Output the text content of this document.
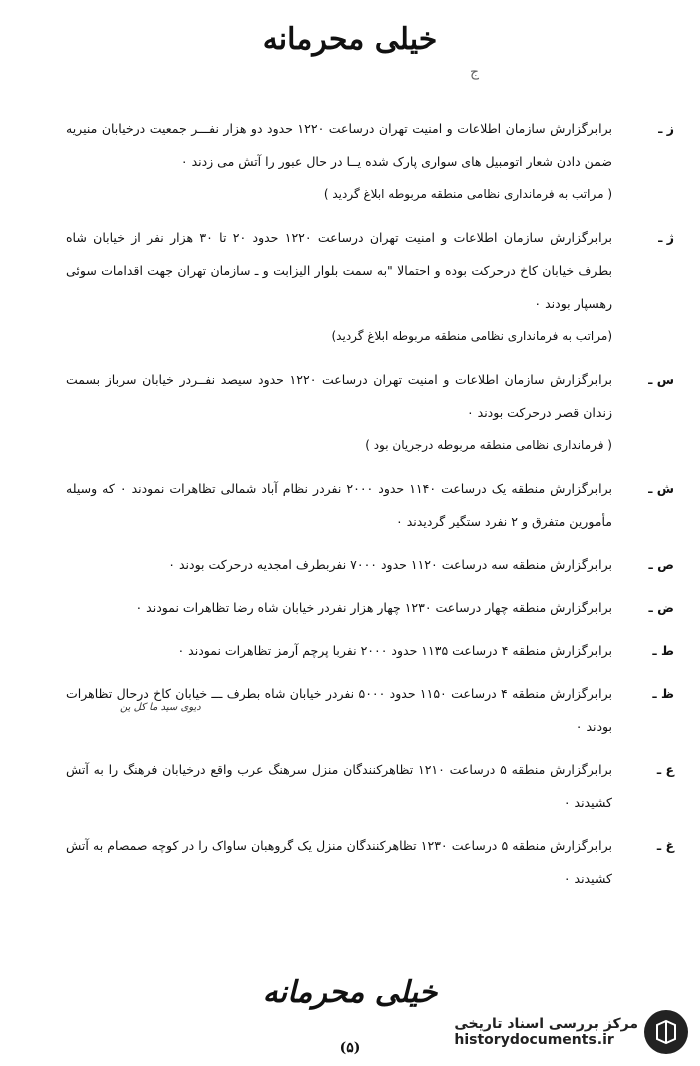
خیلی محرمانه
ج
ز ـ
برابرگزارش سازمان اطلاعات و امنیت تهران درساعت ۱۲۲۰ حدود دو هزار نفـــر جمعیت درخیابان منیریه ضمن دادن شعار اتومبیل های سواری پارک شده یــا در حال عبور را آتش می زدند ۰
( مراتب به فرمانداری نظامی منطقه مربوطه ابلاغ گردید )
ژ ـ
برابرگزارش سازمان اطلاعات و امنیت تهران درساعت ۱۲۲۰ حدود ۲۰ تا ۳۰ هزار نفر از خیابان شاه بطرف خیابان کاخ درحرکت بوده و احتمالا "به سمت بلوار الیزابت و ـ سازمان تهران جهت اقدامات سوئی رهسپار بودند ۰
(مراتب به فرمانداری نظامی منطقه مربوطه ابلاغ گردید)
س ـ
برابرگزارش سازمان اطلاعات و امنیت تهران درساعت ۱۲۲۰ حدود سیصد نفــردر خیابان سرباز بسمت زندان قصر درحرکت بودند ۰
( فرمانداری نظامی منطقه مربوطه درجریان بود )
ش ـ
برابرگزارش منطقه یک درساعت ۱۱۴۰ حدود ۲۰۰۰ نفردر نظام آباد شمالی تظاهرات نمودند ۰ که وسیله مأمورین متفرق و ۲ نفرد ستگیر گردیدند ۰
ص ـ
برابرگزارش منطقه سه درساعت ۱۱۲۰ حدود ۷۰۰۰ نفربطرف امجدیه درحرکت بودند ۰
ض ـ
برابرگزارش منطقه چهار درساعت ۱۲۳۰ چهار هزار نفردر خیابان شاه رضا تظاهرات نمودند ۰
ط ـ
برابرگزارش منطقه ۴ درساعت ۱۱۳۵ حدود ۲۰۰۰ نفربا پرچم آرمز تظاهرات نمودند ۰
ظ ـ
برابرگزارش منطقه ۴ درساعت ۱۱۵۰ حدود ۵۰۰۰ نفردر خیابان شاه بطرف ـــ خیابان کاخ درحال تظاهرات بودند ۰
ع ـ
برابرگزارش منطقه ۵ درساعت ۱۲۱۰ تظاهرکنندگان منزل سرهنگ عرب واقع درخیابان فرهنگ را به آتش کشیدند ۰
غ ـ
برابرگزارش منطقه ۵ درساعت ۱۲۳۰ تظاهرکنندگان منزل یک گروهبان ساواک را در کوچه صمصام به آتش کشیدند ۰
دیوی سید ما کل ین
خیلی محرمانه
(۵)
مرکز بررسی اسناد تاریخی
historydocuments.ir
